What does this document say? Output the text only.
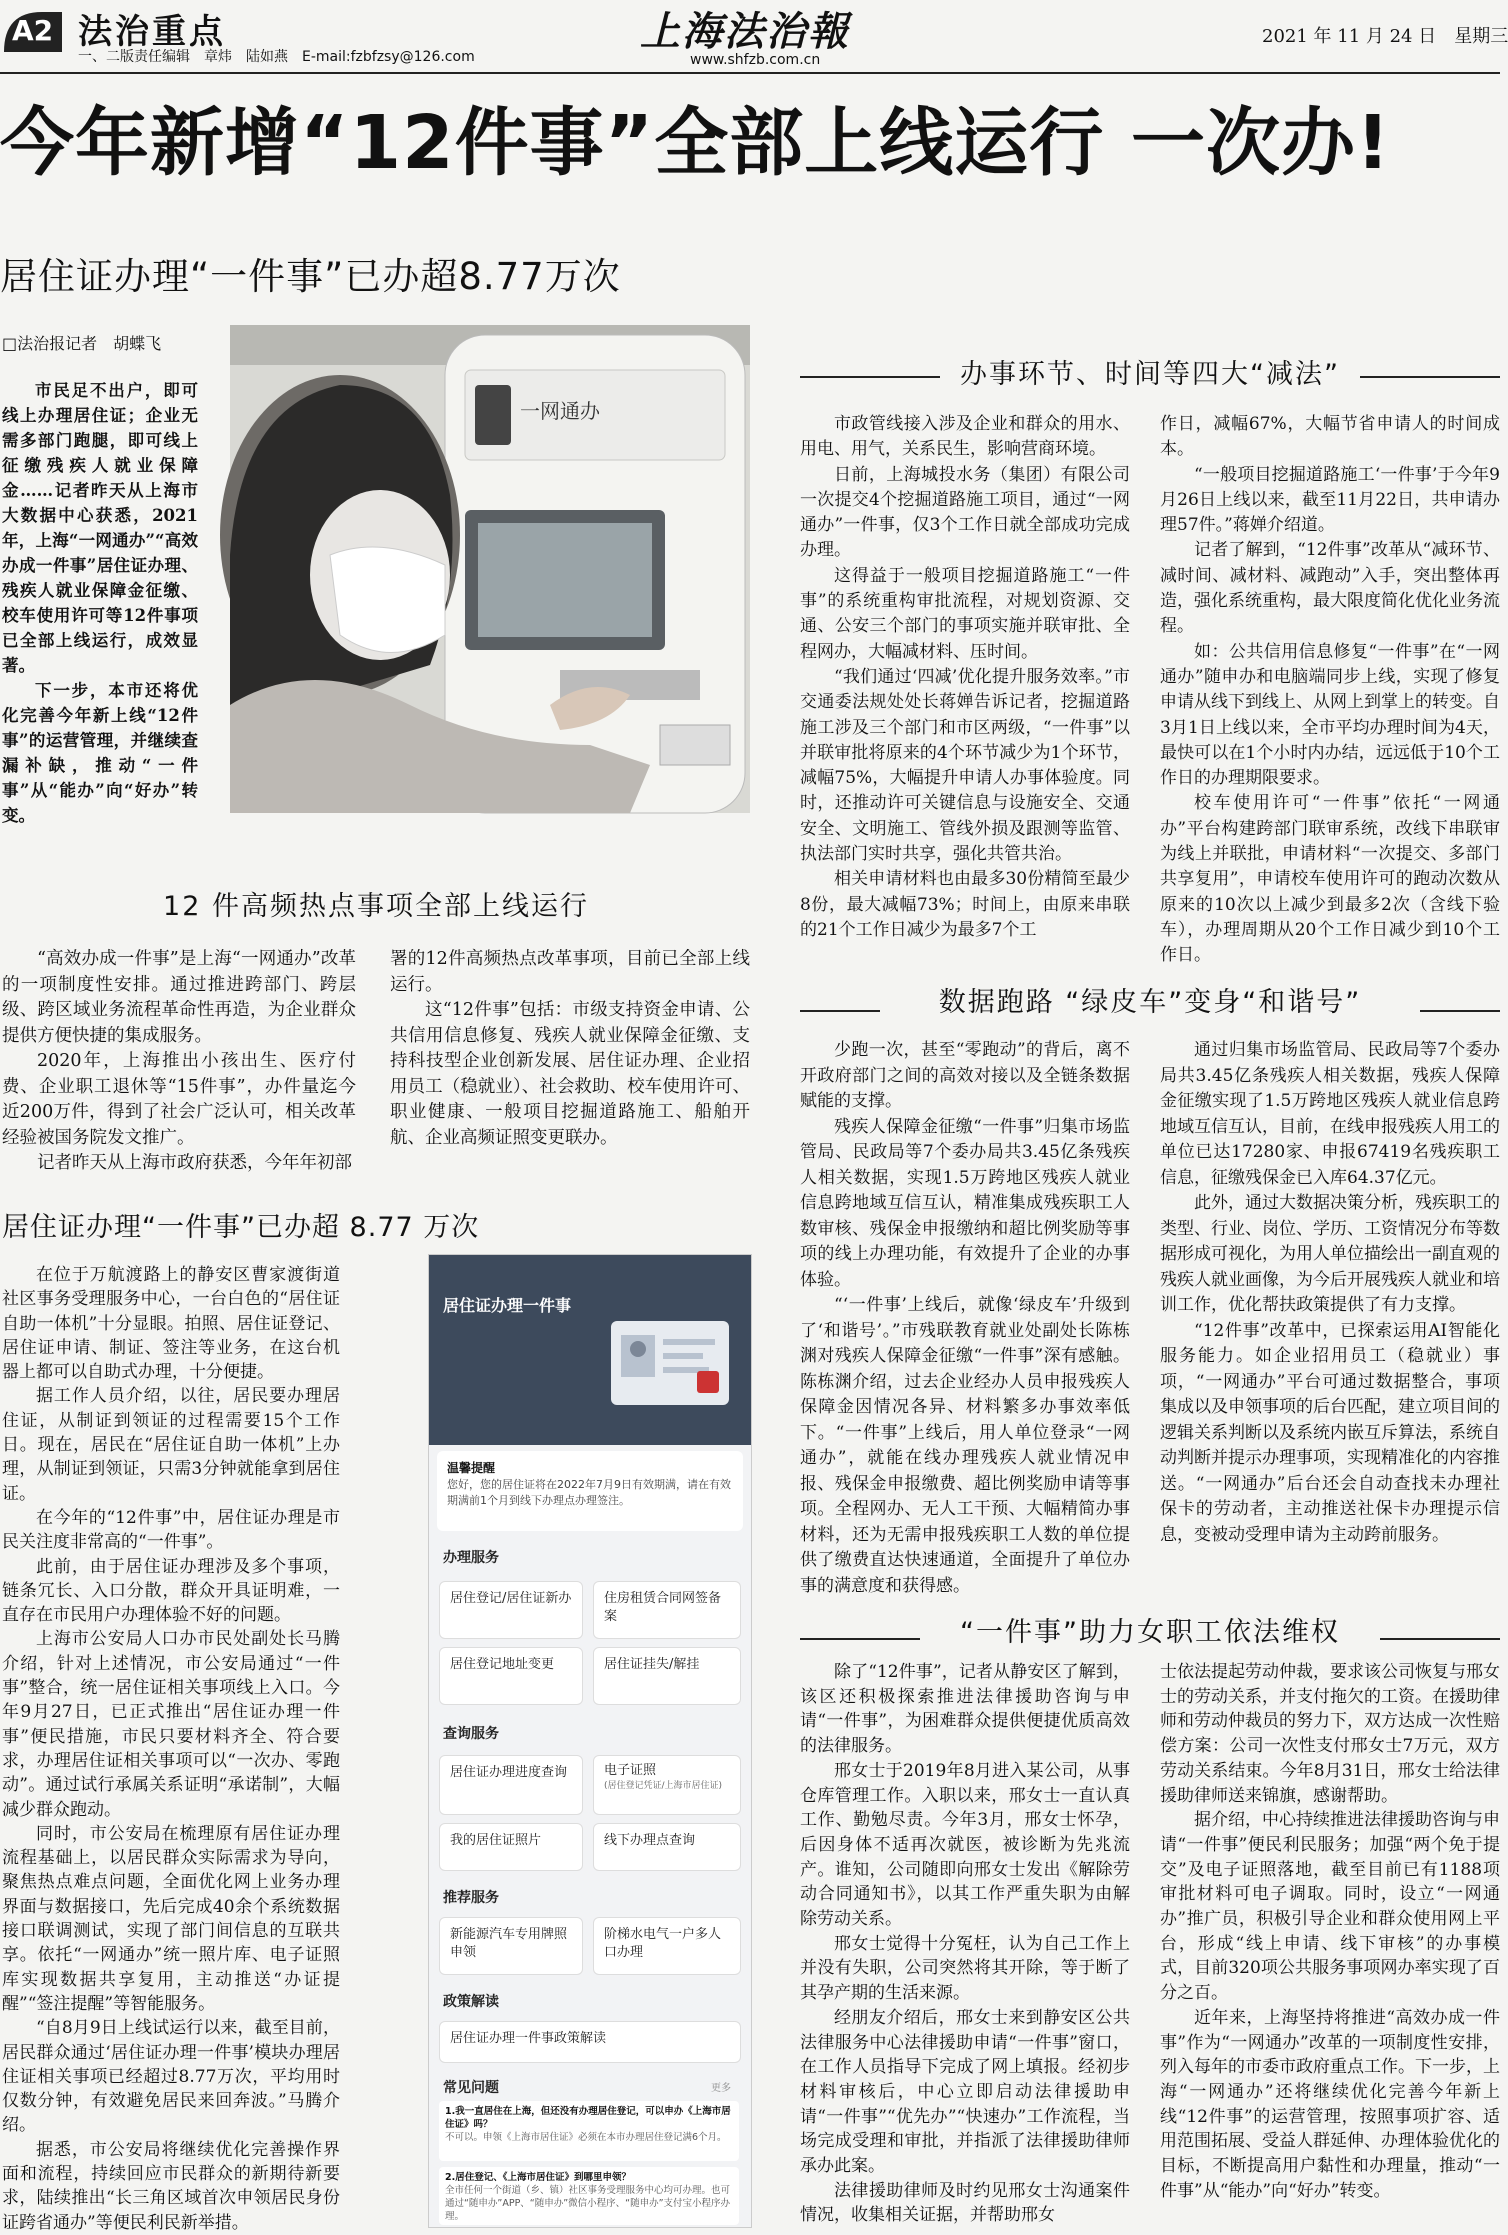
A2 法治重点
一、二版责任编辑　章炜　陆如燕　E-mail:fzbfzsy@126.com
上海法治報
www.shfzb.com.cn
2021 年 11 月 24 日　星期三
今年新增“12件事”全部上线运行 一次办!
居住证办理“一件事”已办超8.77万次
□法治报记者　胡蝶飞

市民足不出户，即可线上办理居住证；企业无需多部门跑腿，即可线上征缴残疾人就业保障金……记者昨天从上海市大数据中心获悉，2021年，上海“一网通办”“高效办成一件事”居住证办理、残疾人就业保障金征缴、校车使用许可等12件事项已全部上线运行，成效显著。

下一步，本市还将优化完善今年新上线“12件事”的运营管理，并继续查漏补缺，推动“一件事”从“能办”向“好办”转变。

一网通办
12 件高频热点事项全部上线运行

“高效办成一件事”是上海“一网通办”改革的一项制度性安排。通过推进跨部门、跨层级、跨区域业务流程革命性再造，为企业群众提供方便快捷的集成服务。

2020年，上海推出小孩出生、医疗付费、企业职工退休等“15件事”，办件量迄今近200万件，得到了社会广泛认可，相关改革经验被国务院发文推广。

记者昨天从上海市政府获悉，今年年初部

署的12件高频热点改革事项，目前已全部上线运行。

这“12件事”包括：市级支持资金申请、公共信用信息修复、残疾人就业保障金征缴、支持科技型企业创新发展、居住证办理、企业招用员工（稳就业）、社会救助、校车使用许可、职业健康、一般项目挖掘道路施工、船舶开航、企业高频证照变更联办。

居住证办理“一件事”已办超 8.77 万次

在位于万航渡路上的静安区曹家渡街道社区事务受理服务中心，一台白色的“居住证自助一体机”十分显眼。拍照、居住证登记、居住证申请、制证、签注等业务，在这台机器上都可以自助式办理，十分便捷。

据工作人员介绍，以往，居民要办理居住证，从制证到领证的过程需要15个工作日。现在，居民在“居住证自助一体机”上办理，从制证到领证，只需3分钟就能拿到居住证。

在今年的“12件事”中，居住证办理是市民关注度非常高的“一件事”。

此前，由于居住证办理涉及多个事项，链条冗长、入口分散，群众开具证明难，一直存在市民用户办理体验不好的问题。

上海市公安局人口办市民处副处长马腾介绍，针对上述情况，市公安局通过“一件事”整合，统一居住证相关事项线上入口。今年9月27日，已正式推出“居住证办理一件事”便民措施，市民只要材料齐全、符合要求，办理居住证相关事项可以“一次办、零跑动”。通过试行承属关系证明“承诺制”，大幅减少群众跑动。

同时，市公安局在梳理原有居住证办理流程基础上，以居民群众实际需求为导向，聚焦热点难点问题，全面优化网上业务办理界面与数据接口，先后完成40余个系统数据接口联调测试，实现了部门间信息的互联共享。依托“一网通办”统一照片库、电子证照库实现数据共享复用，主动推送“办证提醒”“签注提醒”等智能服务。

“自8月9日上线试运行以来，截至目前，居民群众通过‘居住证办理一件事’模块办理居住证相关事项已经超过8.77万次，平均用时仅数分钟，有效避免居民来回奔波。”马腾介绍。

据悉，市公安局将继续优化完善操作界面和流程，持续回应市民群众的新期待新要求，陆续推出“长三角区域首次申领居民身份证跨省通办”等便民利民新举措。

居住证办理一件事
温馨提醒
您好，您的居住证将在2022年7月9日有效期满，请在有效期满前1个月到线下办理点办理签注。
办理服务
居住登记/居住证新办	住房租赁合同网签备案
居住登记地址变更	居住证挂失/解挂
查询服务
居住证办理进度查询	电子证照
(居住登记凭证/上海市居住证)
我的居住证照片	线下办理点查询
推荐服务
新能源汽车专用牌照申领
阶梯水电气一户多人口办理
政策解读
居住证办理一件事政策解读
常见问题	更多
1.我一直居住在上海，但还没有办理居住登记，可以申办《上海市居住证》吗？
不可以。申领《上海市居住证》必须在本市办理居住登记满6个月。
2.居住登记、《上海市居住证》到哪里申领？
全市任何一个街道（乡、镇）社区事务受理服务中心均可办理。也可通过“随申办”APP、“随申办”微信小程序、“随申办”支付宝小程序办理。
办事环节、时间等四大“减法”

市政管线接入涉及企业和群众的用水、用电、用气，关系民生，影响营商环境。

日前，上海城投水务（集团）有限公司一次提交4个挖掘道路施工项目，通过“一网通办”一件事，仅3个工作日就全部成功完成办理。

这得益于一般项目挖掘道路施工“一件事”的系统重构审批流程，对规划资源、交通、公安三个部门的事项实施并联审批、全程网办，大幅减材料、压时间。

“我们通过‘四减’优化提升服务效率。”市交通委法规处处长蒋婵告诉记者，挖掘道路施工涉及三个部门和市区两级，“一件事”以并联审批将原来的4个环节减少为1个环节，减幅75%，大幅提升申请人办事体验度。同时，还推动许可关键信息与设施安全、交通安全、文明施工、管线外损及跟测等监管、执法部门实时共享，强化共管共治。

相关申请材料也由最多30份精简至最少8份，最大减幅73%；时间上，由原来串联的21个工作日减少为最多7个工

作日，减幅67%，大幅节省申请人的时间成本。

“一般项目挖掘道路施工‘一件事’于今年9月26日上线以来，截至11月22日，共申请办理57件。”蒋婵介绍道。

记者了解到，“12件事”改革从“减环节、减时间、减材料、减跑动”入手，突出整体再造，强化系统重构，最大限度简化优化业务流程。

如：公共信用信息修复“一件事”在“一网通办”随申办和电脑端同步上线，实现了修复申请从线下到线上、从网上到掌上的转变。自3月1日上线以来，全市平均办理时间为4天，最快可以在1个小时内办结，远远低于10个工作日的办理期限要求。

校车使用许可“一件事”依托“一网通办”平台构建跨部门联审系统，改线下串联审为线上并联批，申请材料“一次提交、多部门共享复用”，申请校车使用许可的跑动次数从原来的10次以上减少到最多2次（含线下验车），办理周期从20个工作日减少到10个工作日。

数据跑路 “绿皮车”变身“和谐号”

少跑一次，甚至“零跑动”的背后，离不开政府部门之间的高效对接以及全链条数据赋能的支撑。

残疾人保障金征缴“一件事”归集市场监管局、民政局等7个委办局共3.45亿条残疾人相关数据，实现1.5万跨地区残疾人就业信息跨地域互信互认，精准集成残疾职工人数审核、残保金申报缴纳和超比例奖励等事项的线上办理功能，有效提升了企业的办事体验。

“‘一件事’上线后，就像‘绿皮车’升级到了‘和谐号’。”市残联教育就业处副处长陈栋渊对残疾人保障金征缴“一件事”深有感触。陈栋渊介绍，过去企业经办人员申报残疾人保障金因情况各异、材料繁多办事效率低下。“一件事”上线后，用人单位登录“一网通办”，就能在线办理残疾人就业情况申报、残保金申报缴费、超比例奖励申请等事项。全程网办、无人工干预、大幅精简办事材料，还为无需申报残疾职工人数的单位提供了缴费直达快速通道，全面提升了单位办事的满意度和获得感。

通过归集市场监管局、民政局等7个委办局共3.45亿条残疾人相关数据，残疾人保障金征缴实现了1.5万跨地区残疾人就业信息跨地域互信互认，目前，在线申报残疾人用工的单位已达17280家、申报67419名残疾职工信息，征缴残保金已入库64.37亿元。

此外，通过大数据决策分析，残疾职工的类型、行业、岗位、学历、工资情况分布等数据形成可视化，为用人单位描绘出一副直观的残疾人就业画像，为今后开展残疾人就业和培训工作，优化帮扶政策提供了有力支撑。

“12件事”改革中，已探索运用AI智能化服务能力。如企业招用员工（稳就业）事项，“一网通办”平台可通过数据整合，事项集成以及申领事项的后台匹配，建立项目间的逻辑关系判断以及系统内嵌互斥算法，系统自动判断并提示办理事项，实现精准化的内容推送。“一网通办”后台还会自动查找未办理社保卡的劳动者，主动推送社保卡办理提示信息，变被动受理申请为主动跨前服务。

“一件事”助力女职工依法维权

除了“12件事”，记者从静安区了解到，该区还积极探索推进法律援助咨询与申请“一件事”，为困难群众提供便捷优质高效的法律服务。

邢女士于2019年8月进入某公司，从事仓库管理工作。入职以来，邢女士一直认真工作、勤勉尽责。今年3月，邢女士怀孕，后因身体不适再次就医，被诊断为先兆流产。谁知，公司随即向邢女士发出《解除劳动合同通知书》，以其工作严重失职为由解除劳动关系。

邢女士觉得十分冤枉，认为自己工作上并没有失职，公司突然将其开除，等于断了其孕产期的生活来源。

经朋友介绍后，邢女士来到静安区公共法律服务中心法律援助申请“一件事”窗口，在工作人员指导下完成了网上填报。经初步材料审核后，中心立即启动法律援助申请“一件事”“优先办”“快速办”工作流程，当场完成受理和审批，并指派了法律援助律师承办此案。

法律援助律师及时约见邢女士沟通案件情况，收集相关证据，并帮助邢女

士依法提起劳动仲裁，要求该公司恢复与邢女士的劳动关系，并支付拖欠的工资。在援助律师和劳动仲裁员的努力下，双方达成一次性赔偿方案：公司一次性支付邢女士7万元，双方劳动关系结束。今年8月31日，邢女士给法律援助律师送来锦旗，感谢帮助。

据介绍，中心持续推进法律援助咨询与申请“一件事”便民利民服务；加强“两个免于提交”及电子证照落地，截至目前已有1188项审批材料可电子调取。同时，设立“一网通办”推广员，积极引导企业和群众使用网上平台，形成“线上申请、线下审核”的办事模式，目前320项公共服务事项网办率实现了百分之百。

近年来，上海坚持将推进“高效办成一件事”作为“一网通办”改革的一项制度性安排，列入每年的市委市政府重点工作。下一步，上海“一网通办”还将继续优化完善今年新上线“12件事”的运营管理，按照事项扩容、适用范围拓展、受益人群延伸、办理体验优化的目标，不断提高用户黏性和办理量，推动“一件事”从“能办”向“好办”转变。
